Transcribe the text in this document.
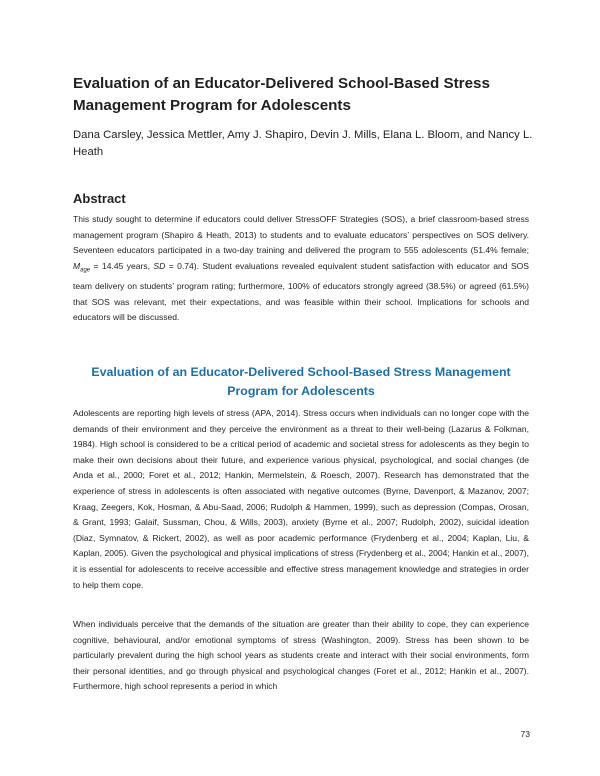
Evaluation of an Educator-Delivered School-Based Stress Management Program for Adolescents

Dana Carsley, Jessica Mettler, Amy J. Shapiro, Devin J. Mills, Elana L. Bloom, and Nancy L. Heath

Abstract

This study sought to determine if educators could deliver StressOFF Strategies (SOS), a brief classroom-based stress management program (Shapiro & Heath, 2013) to students and to evaluate educators’ perspectives on SOS delivery. Seventeen educators participated in a two-day training and delivered the program to 555 adolescents (51.4% female; $M_{age} = 14.45$ years, SD = 0.74). Student evaluations revealed equivalent student satisfaction with educator and SOS team delivery on students’ program rating; furthermore, 100% of educators strongly agreed (38.5%) or agreed (61.5%) that SOS was relevant, met their expectations, and was feasible within their school. Implications for schools and educators will be discussed.

Evaluation of an Educator-Delivered School-Based Stress Management Program for Adolescents

Adolescents are reporting high levels of stress (APA, 2014). Stress occurs when individuals can no longer cope with the demands of their environment and they perceive the environment as a threat to their well-being (Lazarus & Folkman, 1984). High school is considered to be a critical period of academic and societal stress for adolescents as they begin to make their own decisions about their future, and experience various physical, psychological, and social changes (de Anda et al., 2000; Foret et al., 2012; Hankin, Mermelstein, & Roesch, 2007). Research has demonstrated that the experience of stress in adolescents is often associated with negative outcomes (Byrne, Davenport, & Mazanov, 2007; Kraag, Zeegers, Kok, Hosman, & Abu-Saad, 2006; Rudolph & Hammen, 1999), such as depression (Compas, Orosan, & Grant, 1993; Galaif, Sussman, Chou, & Wills, 2003), anxiety (Byrne et al., 2007; Rudolph, 2002), suicidal ideation (Diaz, Symnatov, & Rickert, 2002), as well as poor academic performance (Frydenberg et al., 2004; Kaplan, Liu, & Kaplan, 2005). Given the psychological and physical implications of stress (Frydenberg et al., 2004; Hankin et al., 2007), it is essential for adolescents to receive accessible and effective stress management knowledge and strategies in order to help them cope.

When individuals perceive that the demands of the situation are greater than their ability to cope, they can experience cognitive, behavioural, and/or emotional symptoms of stress (Washington, 2009). Stress has been shown to be particularly prevalent during the high school years as students create and interact with their social environments, form their personal identities, and go through physical and psychological changes (Foret et al., 2012; Hankin et al., 2007). Furthermore, high school represents a period in which

73
